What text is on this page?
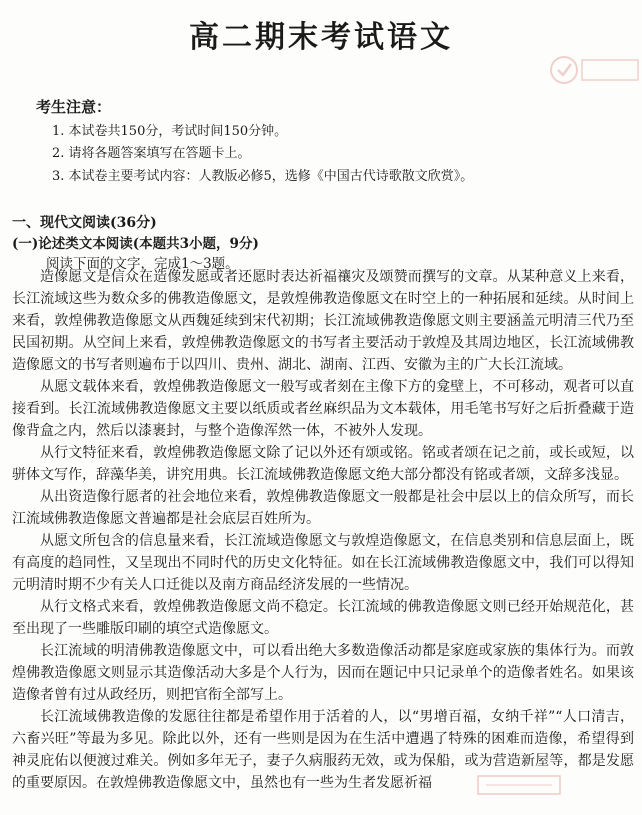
高二期末考试语文
考生注意：
1. 本试卷共150分，考试时间150分钟。
2. 请将各题答案填写在答题卡上。
3. 本试卷主要考试内容：人教版必修5，选修《中国古代诗歌散文欣赏》。
一、现代文阅读(36分)
(一)论述类文本阅读(本题共3小题，9分)
阅读下面的文字，完成1～3题。

造像愿文是信众在造像发愿或者还愿时表达祈福禳灾及颂赞而撰写的文章。从某种意义上来看，长江流域这些为数众多的佛教造像愿文，是敦煌佛教造像愿文在时空上的一种拓展和延续。从时间上来看，敦煌佛教造像愿文从西魏延续到宋代初期；长江流域佛教造像愿文则主要涵盖元明清三代乃至民国初期。从空间上来看，敦煌佛教造像愿文的书写者主要活动于敦煌及其周边地区，长江流域佛教造像愿文的书写者则遍布于以四川、贵州、湖北、湖南、江西、安徽为主的广大长江流域。

从愿文载体来看，敦煌佛教造像愿文一般写或者刻在主像下方的龛壁上，不可移动，观者可以直接看到。长江流域佛教造像愿文主要以纸质或者丝麻织品为文本载体，用毛笔书写好之后折叠藏于造像背盒之内，然后以漆裹封，与整个造像浑然一体，不被外人发现。

从行文特征来看，敦煌佛教造像愿文除了记以外还有颂或铭。铭或者颂在记之前，或长或短，以骈体文写作，辞藻华美，讲究用典。长江流域佛教造像愿文绝大部分都没有铭或者颂，文辞多浅显。

从出资造像行愿者的社会地位来看，敦煌佛教造像愿文一般都是社会中层以上的信众所写，而长江流域佛教造像愿文普遍都是社会底层百姓所为。

从愿文所包含的信息量来看，长江流域造像愿文与敦煌造像愿文，在信息类别和信息层面上，既有高度的趋同性，又呈现出不同时代的历史文化特征。如在长江流域佛教造像愿文中，我们可以得知元明清时期不少有关人口迁徙以及南方商品经济发展的一些情况。

从行文格式来看，敦煌佛教造像愿文尚不稳定。长江流域的佛教造像愿文则已经开始规范化，甚至出现了一些雕版印刷的填空式造像愿文。

长江流域的明清佛教造像愿文中，可以看出绝大多数造像活动都是家庭或家族的集体行为。而敦煌佛教造像愿文则显示其造像活动大多是个人行为，因而在题记中只记录单个的造像者姓名。如果该造像者曾有过从政经历，则把官衔全部写上。

长江流域佛教造像的发愿往往都是希望作用于活着的人，以“男增百福，女纳千祥”“人口清吉，六畜兴旺”等最为多见。除此以外，还有一些则是因为在生活中遭遇了特殊的困难而造像，希望得到神灵庇佑以便渡过难关。例如多年无子，妻子久病服药无效，或为保船，或为营造新屋等，都是发愿的重要原因。在敦煌佛教造像愿文中，虽然也有一些为生者发愿祈福
